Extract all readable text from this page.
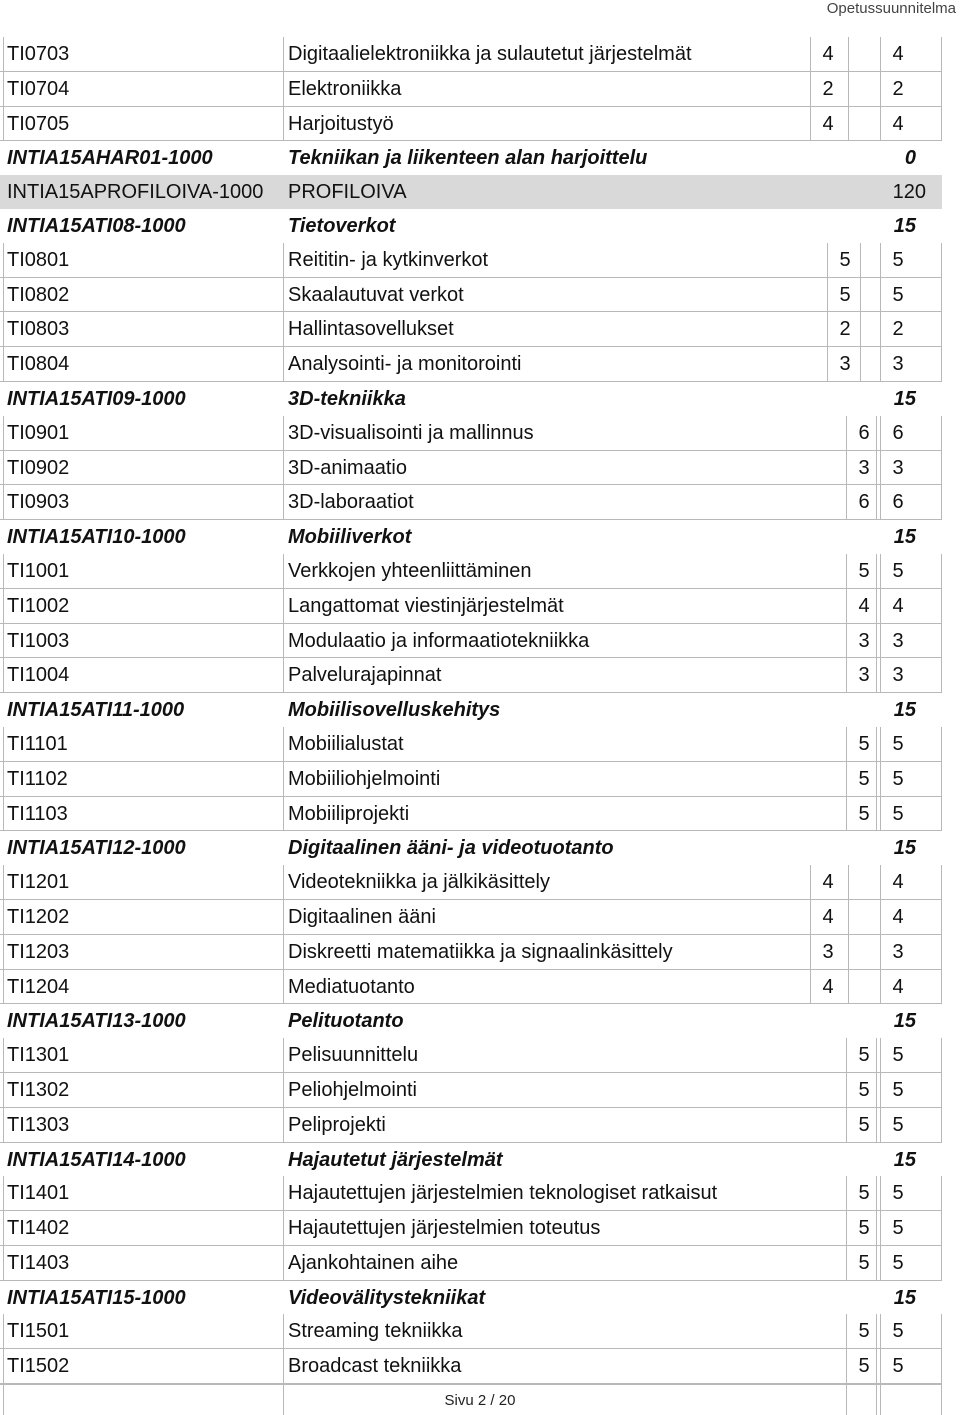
Opetussuunnitelma
TI0703	Digitaalielektroniikka ja sulautetut järjestelmät	4	4
TI0704	Elektroniikka	2	2
TI0705	Harjoitustyö	4	4
INTIA15AHAR01-1000	Tekniikan ja liikenteen alan harjoittelu	0
INTIA15APROFILOIVA-1000 PROFILOIVA	120
INTIA15ATI08-1000	Tietoverkot	15
TI0801	Reititin- ja kytkinverkot	5	5
TI0802	Skaalautuvat verkot	5	5
TI0803	Hallintasovellukset	2	2
TI0804	Analysointi- ja monitorointi	3	3
INTIA15ATI09-1000	3D-tekniikka	15
TI0901	3D-visualisointi ja mallinnus	6	6
TI0902	3D-animaatio	3	3
TI0903	3D-laboraatiot	6	6
INTIA15ATI10-1000	Mobiiliverkot	15
TI1001	Verkkojen yhteenliittäminen	5	5
TI1002	Langattomat viestinjärjestelmät	4	4
TI1003	Modulaatio ja informaatiotekniikka	3	3
TI1004	Palvelurajapinnat	3	3
INTIA15ATI11-1000	Mobiilisovelluskehitys	15
TI1101	Mobiilialustat	5	5
TI1102	Mobiiliohjelmointi	5	5
TI1103	Mobiiliprojekti	5	5
INTIA15ATI12-1000	Digitaalinen ääni- ja videotuotanto	15
TI1201	Videotekniikka ja jälkikäsittely	4	4
TI1202	Digitaalinen ääni	4	4
TI1203	Diskreetti matematiikka ja signaalinkäsittely	3	3
TI1204	Mediatuotanto	4	4
INTIA15ATI13-1000	Pelituotanto	15
TI1301	Pelisuunnittelu	5	5
TI1302	Peliohjelmointi	5	5
TI1303	Peliprojekti	5	5
INTIA15ATI14-1000	Hajautetut järjestelmät	15
TI1401	Hajautettujen järjestelmien teknologiset ratkaisut	5	5
TI1402	Hajautettujen järjestelmien toteutus	5	5
TI1403	Ajankohtainen aihe	5	5
INTIA15ATI15-1000	Videovälitystekniikat	15
TI1501	Streaming tekniikka	5	5
TI1502	Broadcast tekniikka	5	5
Sivu 2 / 20
